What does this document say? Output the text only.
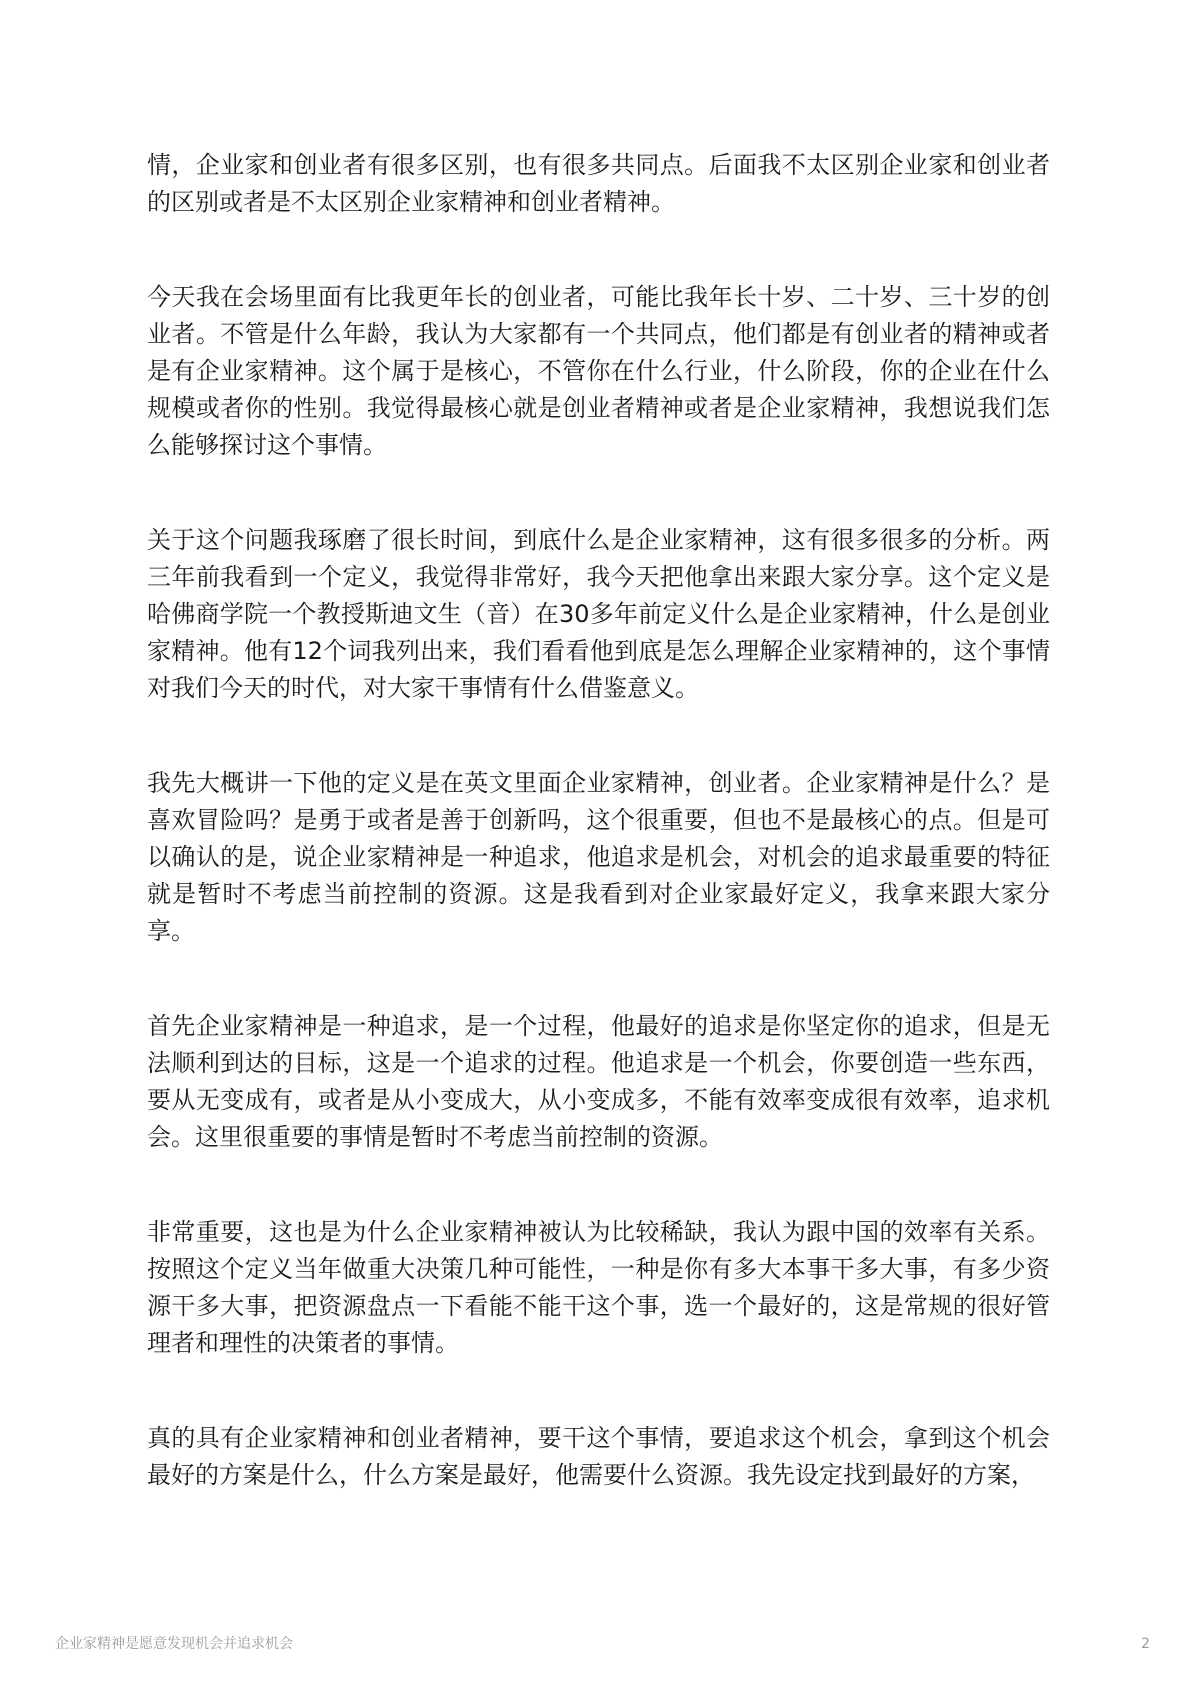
情，企业家和创业者有很多区别，也有很多共同点。后面我不太区别企业家和创业者
的区别或者是不太区别企业家精神和创业者精神。
今天我在会场里面有比我更年长的创业者，可能比我年长十岁、二十岁、三十岁的创
业者。不管是什么年龄，我认为大家都有一个共同点，他们都是有创业者的精神或者
是有企业家精神。这个属于是核心，不管你在什么行业，什么阶段，你的企业在什么
规模或者你的性别。我觉得最核心就是创业者精神或者是企业家精神，我想说我们怎
么能够探讨这个事情。
关于这个问题我琢磨了很长时间，到底什么是企业家精神，这有很多很多的分析。两
三年前我看到一个定义，我觉得非常好，我今天把他拿出来跟大家分享。这个定义是
哈佛商学院一个教授斯迪文生（音）在30多年前定义什么是企业家精神，什么是创业
家精神。他有12个词我列出来，我们看看他到底是怎么理解企业家精神的，这个事情
对我们今天的时代，对大家干事情有什么借鉴意义。
我先大概讲一下他的定义是在英文里面企业家精神，创业者。企业家精神是什么？是
喜欢冒险吗？是勇于或者是善于创新吗，这个很重要，但也不是最核心的点。但是可
以确认的是，说企业家精神是一种追求，他追求是机会，对机会的追求最重要的特征
就是暂时不考虑当前控制的资源。这是我看到对企业家最好定义，我拿来跟大家分
享。
首先企业家精神是一种追求，是一个过程，他最好的追求是你坚定你的追求，但是无
法顺利到达的目标，这是一个追求的过程。他追求是一个机会，你要创造一些东西，
要从无变成有，或者是从小变成大，从小变成多，不能有效率变成很有效率，追求机
会。这里很重要的事情是暂时不考虑当前控制的资源。
非常重要，这也是为什么企业家精神被认为比较稀缺，我认为跟中国的效率有关系。
按照这个定义当年做重大决策几种可能性，一种是你有多大本事干多大事，有多少资
源干多大事，把资源盘点一下看能不能干这个事，选一个最好的，这是常规的很好管
理者和理性的决策者的事情。
真的具有企业家精神和创业者精神，要干这个事情，要追求这个机会，拿到这个机会
最好的方案是什么，什么方案是最好，他需要什么资源。我先设定找到最好的方案，
企业家精神是愿意发现机会并追求机会	2
